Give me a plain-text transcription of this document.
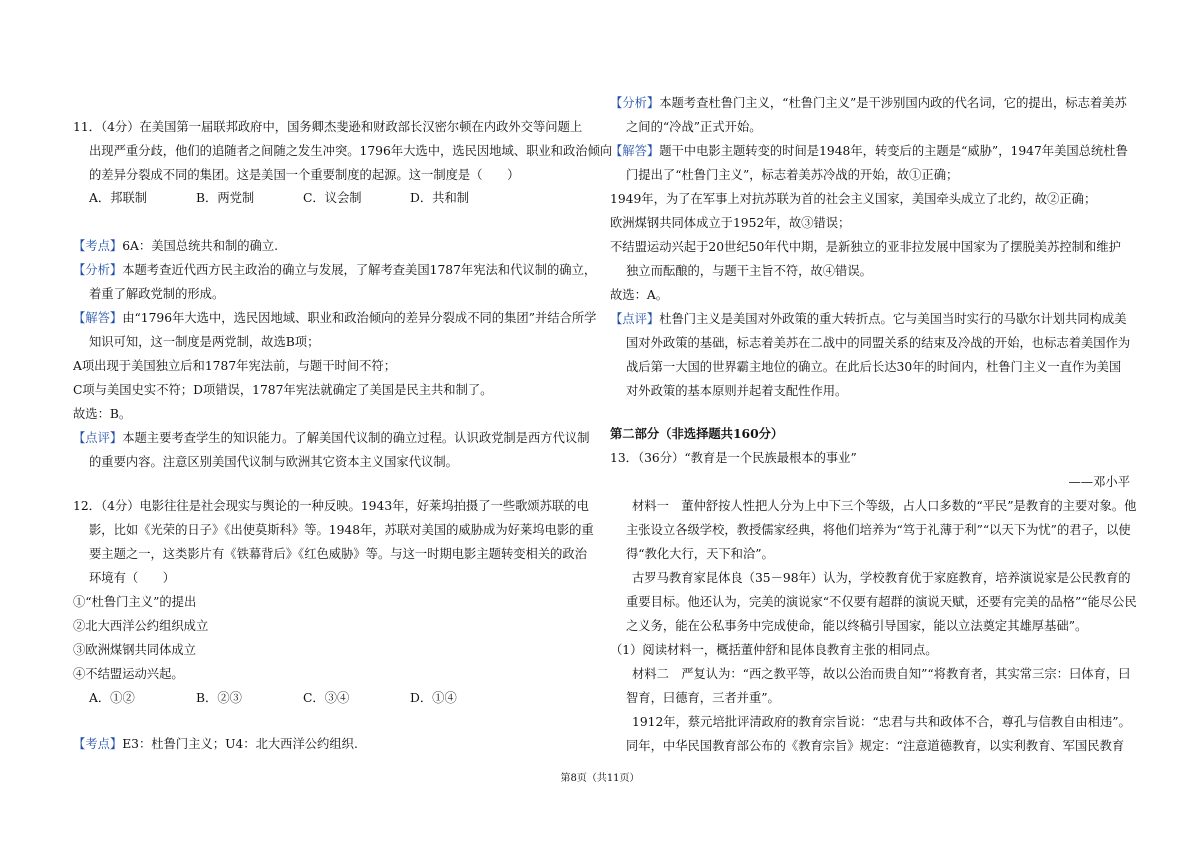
11．（4分）在美国第一届联邦政府中，国务卿杰斐逊和财政部长汉密尔顿在内政外交等问题上
出现严重分歧，他们的追随者之间随之发生冲突。1796年大选中，选民因地域、职业和政治倾向
的差异分裂成不同的集团。这是美国一个重要制度的起源。这一制度是（　　）
A．邦联制	B．两党制	C．议会制	D．共和制
【考点】6A：美国总统共和制的确立.
【分析】本题考查近代西方民主政治的确立与发展，了解考查美国1787年宪法和代议制的确立，
着重了解政党制的形成。
【解答】由“1796年大选中，选民因地域、职业和政治倾向的差异分裂成不同的集团”并结合所学
知识可知，这一制度是两党制，故选B项；
A项出现于美国独立后和1787年宪法前，与题干时间不符；
C项与美国史实不符；D项错误，1787年宪法就确定了美国是民主共和制了。
故选：B。
【点评】本题主要考查学生的知识能力。了解美国代议制的确立过程。认识政党制是西方代议制
的重要内容。注意区别美国代议制与欧洲其它资本主义国家代议制。
12．（4分）电影往往是社会现实与舆论的一种反映。1943年，好莱坞拍摄了一些歌颂苏联的电
影，比如《光荣的日子》《出使莫斯科》等。1948年，苏联对美国的威胁成为好莱坞电影的重
要主题之一，这类影片有《铁幕背后》《红色威胁》等。与这一时期电影主题转变相关的政治
环境有（　　）
①“杜鲁门主义”的提出
②北大西洋公约组织成立
③欧洲煤钢共同体成立
④不结盟运动兴起。
A．①②	B．②③	C．③④	D．①④
【考点】E3：杜鲁门主义；U4：北大西洋公约组织.
【分析】本题考查杜鲁门主义，“杜鲁门主义”是干涉别国内政的代名词，它的提出，标志着美苏
之间的“冷战”正式开始。
【解答】题干中电影主题转变的时间是1948年，转变后的主题是“威胁”，1947年美国总统杜鲁
门提出了“杜鲁门主义”，标志着美苏冷战的开始，故①正确；
1949年，为了在军事上对抗苏联为首的社会主义国家，美国牵头成立了北约，故②正确；
欧洲煤钢共同体成立于1952年，故③错误；
不结盟运动兴起于20世纪50年代中期，是新独立的亚非拉发展中国家为了摆脱美苏控制和维护
独立而酝酿的，与题干主旨不符，故④错误。
故选：A。
【点评】杜鲁门主义是美国对外政策的重大转折点。它与美国当时实行的马歇尔计划共同构成美
国对外政策的基础，标志着美苏在二战中的同盟关系的结束及冷战的开始，也标志着美国作为
战后第一大国的世界霸主地位的确立。在此后长达30年的时间内，杜鲁门主义一直作为美国
对外政策的基本原则并起着支配性作用。
第二部分（非选择题共160分）
13．（36分）“教育是一个民族最根本的事业”
——邓小平
材料一　董仲舒按人性把人分为上中下三个等级，占人口多数的“平民”是教育的主要对象。他
主张设立各级学校，教授儒家经典，将他们培养为“笃于礼薄于利”“以天下为忧”的君子，以使
得“教化大行，天下和洽”。
古罗马教育家昆体良（35－98年）认为，学校教育优于家庭教育，培养演说家是公民教育的
重要目标。他还认为，完美的演说家“不仅要有超群的演说天赋，还要有完美的品格”“能尽公民
之义务，能在公私事务中完成使命，能以终稿引导国家，能以立法奠定其雄厚基础”。
（1）阅读材料一，概括董仲舒和昆体良教育主张的相同点。
材料二　严复认为：“西之教平等，故以公治而贵自知”“将教育者，其实常三宗：曰体育，曰
智育，曰德育，三者并重”。
1912年，蔡元培批评清政府的教育宗旨说：“忠君与共和政体不合，尊孔与信教自由相违”。
同年，中华民国教育部公布的《教育宗旨》规定：“注意道德教育，以实利教育、军国民教育
第8页（共11页）
